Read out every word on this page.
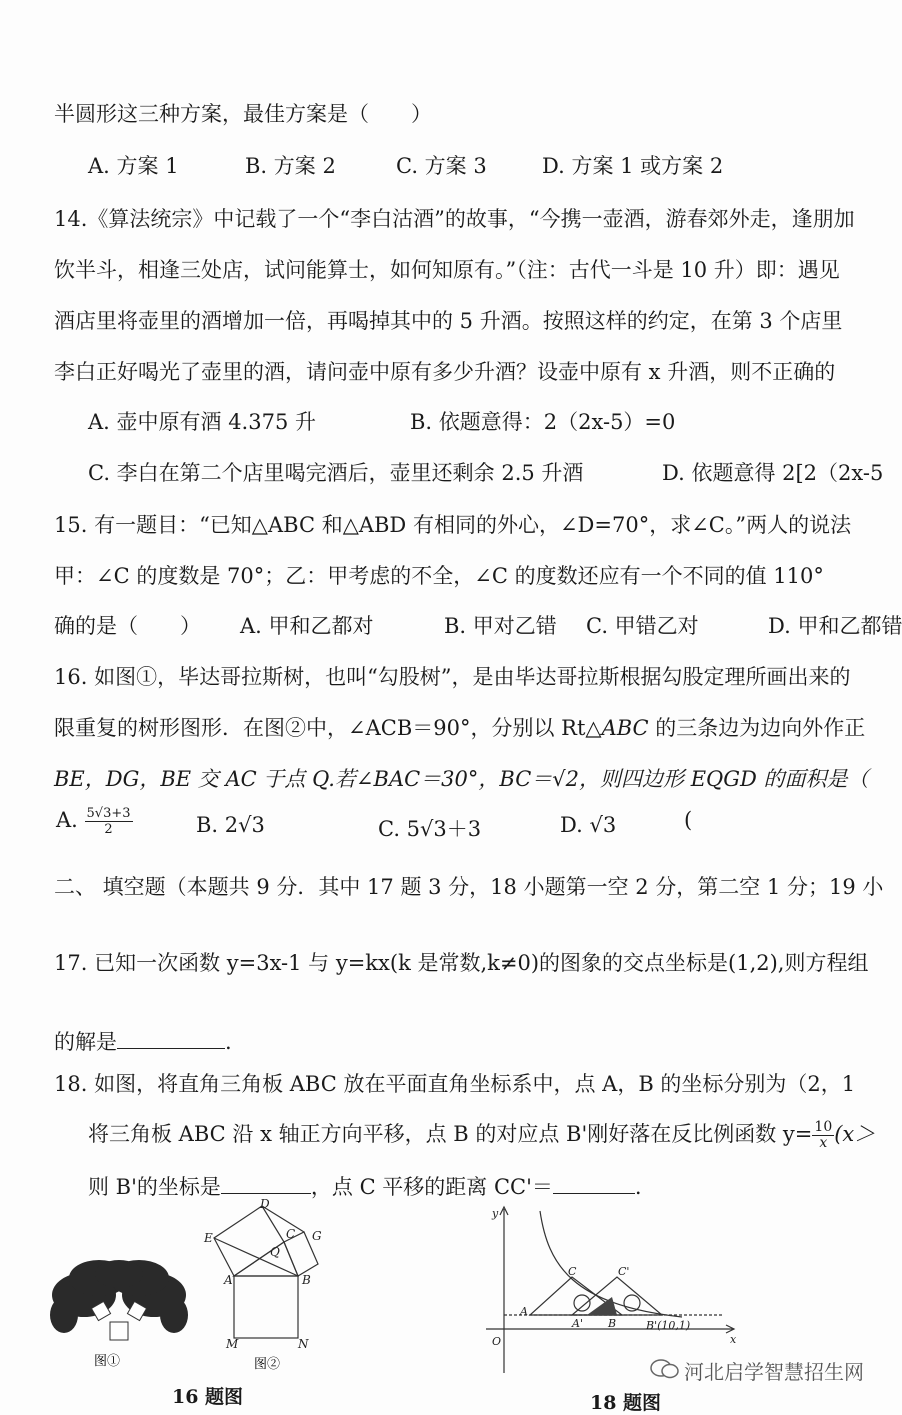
半圆形这三种方案，最佳方案是（　　）
A. 方案 1	B. 方案 2	C. 方案 3	D. 方案 1 或方案 2
14.《算法统宗》中记载了一个“李白沽酒”的故事，“今携一壶酒，游春郊外走，逢朋加
饮半斗，相逢三处店，试问能算士，如何知原有。”（注：古代一斗是 10 升）即：遇见
酒店里将壶里的酒增加一倍，再喝掉其中的 5 升酒。按照这样的约定，在第 3 个店里
李白正好喝光了壶里的酒，请问壶中原有多少升酒？设壶中原有 x 升酒，则不正确的
A. 壶中原有酒 4.375 升	B. 依题意得：2（2x-5）=0
C. 李白在第二个店里喝完酒后，壶里还剩余 2.5 升酒	D. 依题意得 2[2（2x-5
15. 有一题目：“已知△ABC 和△ABD 有相同的外心，∠D=70°，求∠C。”两人的说法
甲：∠C 的度数是 70°；乙：甲考虑的不全，∠C 的度数还应有一个不同的值 110°
确的是（　　） A. 甲和乙都对	B. 甲对乙错 C. 甲错乙对	D. 甲和乙都错
16. 如图①，毕达哥拉斯树，也叫“勾股树”，是由毕达哥拉斯根据勾股定理所画出来的
限重复的树形图形．在图②中，∠ACB＝90°，分别以 Rt△ABC 的三条边为边向外作正
BE，DG，BE 交 AC 于点 Q.若∠BAC＝30°，BC＝√2，则四边形 EQGD 的面积是（
A. $\frac{5√3+3}{2}$	B. 2√3	C. 5√3＋3	D. √3	(
二、 填空题（本题共 9 分．其中 17 题 3 分，18 小题第一空 2 分，第二空 1 分；19 小
17. 已知一次函数 y=3x-1 与 y=kx(k 是常数,k≠0)的图象的交点坐标是(1,2),则方程组
的解是	.
18. 如图，将直角三角板 ABC 放在平面直角坐标系中，点 A，B 的坐标分别为（2，1
将三角板 ABC 沿 x 轴正方向平移，点 B 的对应点 B'刚好落在反比例函数 $y= \frac{10}{x} (x>$
则 B'的坐标是	，点 C 平移的距离 CC'＝	.
图①
D
E	G
Q
A	B
M	N
C
图②
16 题图
y
x
O
A
A' B	B'(10,1)
C	C'
18 题图
河北启学智慧招生网
